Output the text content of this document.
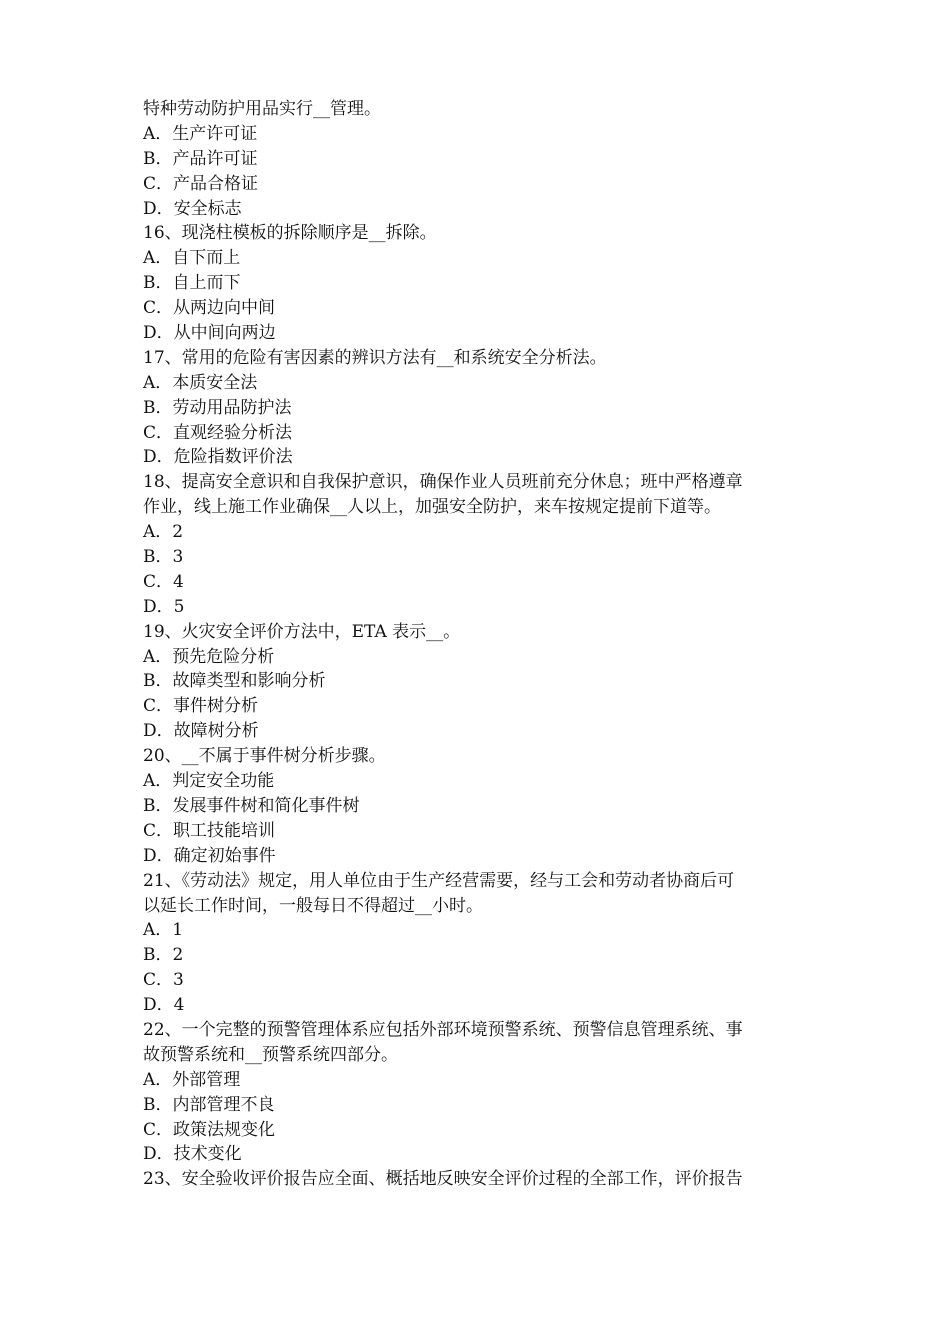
特种劳动防护用品实行__管理。
A．生产许可证
B．产品许可证
C．产品合格证
D．安全标志
16、现浇柱模板的拆除顺序是__拆除。
A．自下而上
B．自上而下
C．从两边向中间
D．从中间向两边
17、常用的危险有害因素的辨识方法有__和系统安全分析法。
A．本质安全法
B．劳动用品防护法
C．直观经验分析法
D．危险指数评价法
18、提高安全意识和自我保护意识，确保作业人员班前充分休息；班中严格遵章
作业，线上施工作业确保__人以上，加强安全防护，来车按规定提前下道等。
A．2
B．3
C．4
D．5
19、火灾安全评价方法中，ETA 表示__。
A．预先危险分析
B．故障类型和影响分析
C．事件树分析
D．故障树分析
20、__不属于事件树分析步骤。
A．判定安全功能
B．发展事件树和简化事件树
C．职工技能培训
D．确定初始事件
21、《劳动法》规定，用人单位由于生产经营需要，经与工会和劳动者协商后可
以延长工作时间，一般每日不得超过__小时。
A．1
B．2
C．3
D．4
22、一个完整的预警管理体系应包括外部环境预警系统、预警信息管理系统、事
故预警系统和__预警系统四部分。
A．外部管理
B．内部管理不良
C．政策法规变化
D．技术变化
23、安全验收评价报告应全面、概括地反映安全评价过程的全部工作，评价报告
